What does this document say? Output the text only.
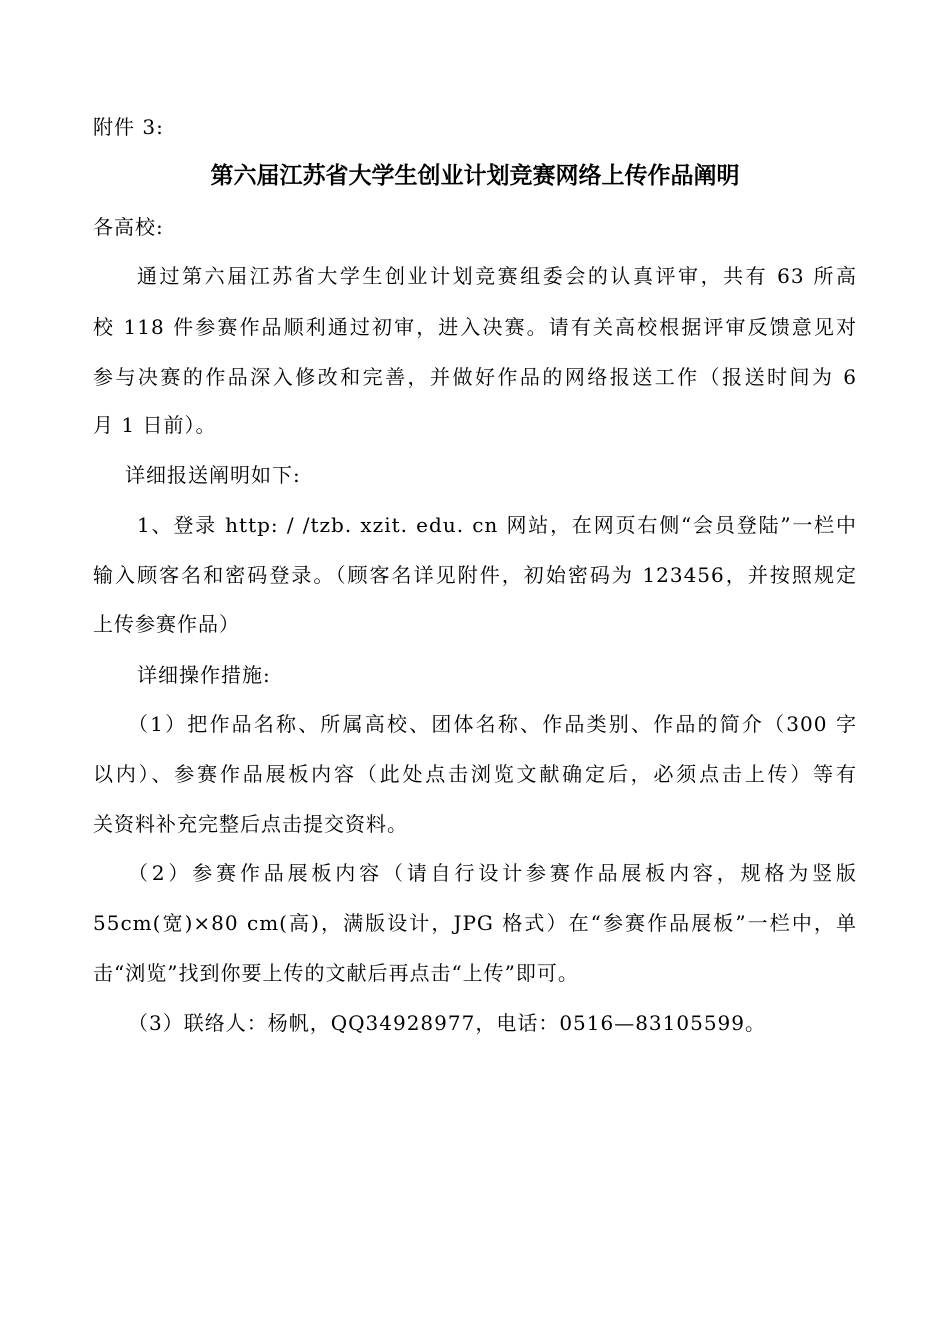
附件 3:
第六届江苏省大学生创业计划竞赛网络上传作品阐明
各高校:
通过第六届江苏省大学生创业计划竞赛组委会的认真评审，共有 63 所高
校 118 件参赛作品顺利通过初审，进入决赛。请有关高校根据评审反馈意见对
参与决赛的作品深入修改和完善，并做好作品的网络报送工作（报送时间为 6
月 1 日前）。
详细报送阐明如下:
1、登录 http: / /tzb. xzit. edu. cn 网站，在网页右侧“会员登陆”一栏中
输入顾客名和密码登录。（顾客名详见附件，初始密码为 123456，并按照规定
上传参赛作品）
详细操作措施:
（1）把作品名称、所属高校、团体名称、作品类别、作品的简介（300 字
以内）、参赛作品展板内容（此处点击浏览文献确定后，必须点击上传）等有
关资料补充完整后点击提交资料。
（2）参赛作品展板内容（请自行设计参赛作品展板内容，规格为竖版
55cm(宽)×80 cm(高)，满版设计，JPG 格式）在“参赛作品展板”一栏中，单
击“浏览”找到你要上传的文献后再点击“上传”即可。
（3）联络人：杨帆，QQ34928977，电话：0516—83105599。
